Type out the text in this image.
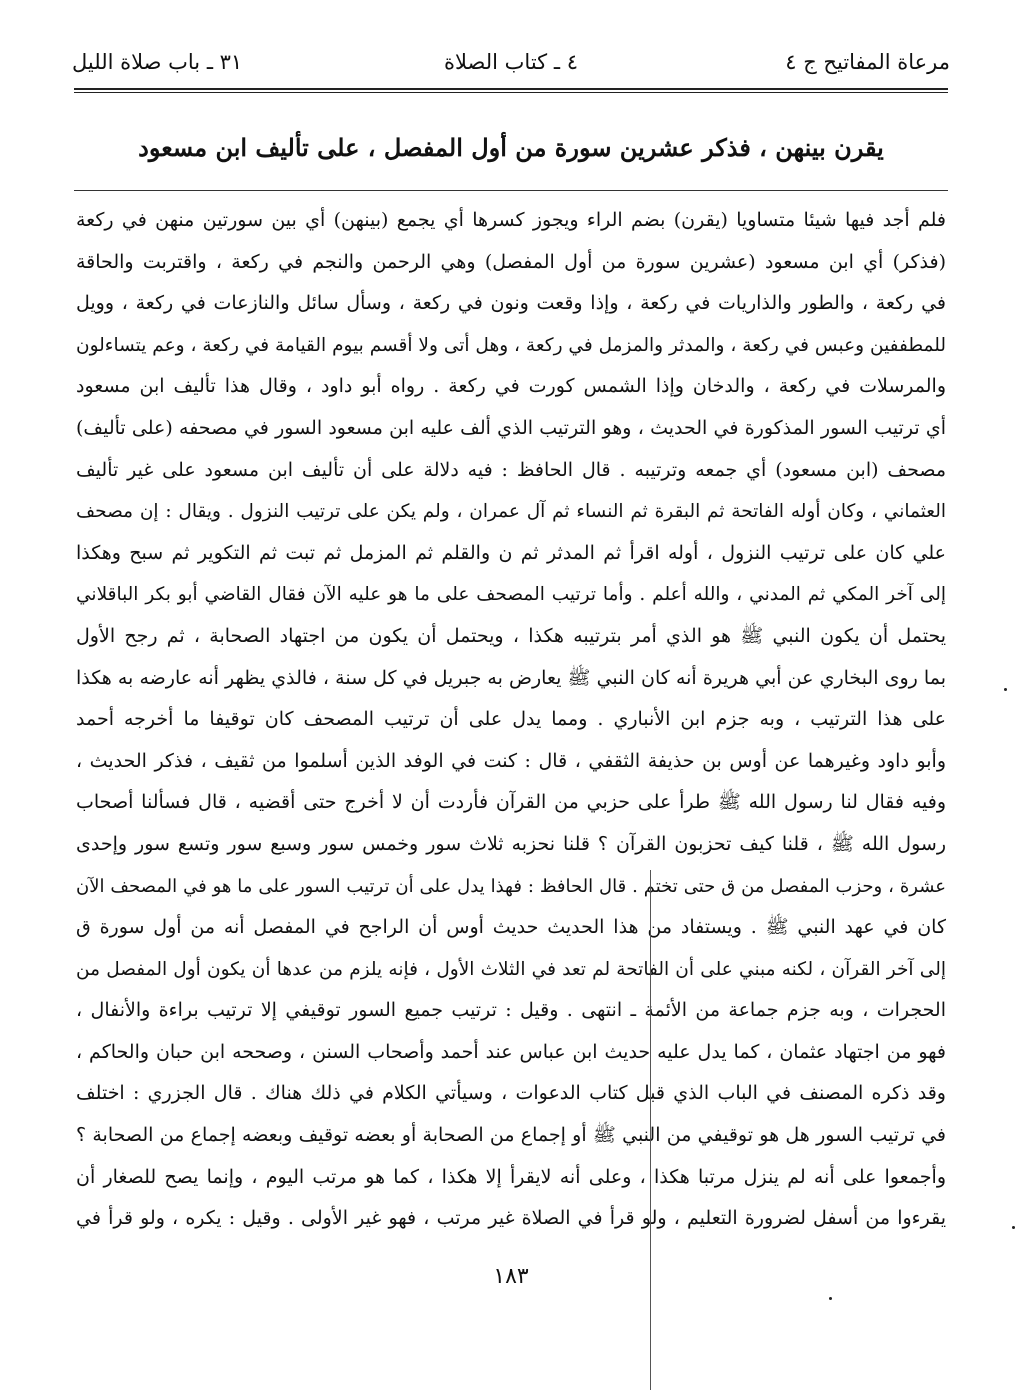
مرعاة المفاتيح ج ٤
٤ ـ كتاب الصلاة
٣١ ـ باب صلاة الليل
يقرن بينهن ، فذكر عشرين سورة من أول المفصل ، على تأليف ابن مسعود
فلم أجد فيها شيئا متساويا (يقرن) بضم الراء ويجوز كسرها أي يجمع (بينهن) أي بين سورتين منهن في ركعة
(فذكر) أي ابن مسعود (عشرين سورة من أول المفصل) وهي الرحمن والنجم في ركعة ، واقتربت والحاقة
في ركعة ، والطور والذاريات في ركعة ، وإذا وقعت ونون في ركعة ، وسأل سائل والنازعات في ركعة ، وويل
للمطففين وعبس في ركعة ، والمدثر والمزمل في ركعة ، وهل أتى ولا أقسم بيوم القيامة في ركعة ، وعم يتساءلون
والمرسلات في ركعة ، والدخان وإذا الشمس كورت في ركعة . رواه أبو داود ، وقال هذا تأليف ابن مسعود
أي ترتيب السور المذكورة في الحديث ، وهو الترتيب الذي ألف عليه ابن مسعود السور في مصحفه (على تأليف)
مصحف (ابن مسعود) أي جمعه وترتيبه . قال الحافظ : فيه دلالة على أن تأليف ابن مسعود على غير تأليف
العثماني ، وكان أوله الفاتحة ثم البقرة ثم النساء ثم آل عمران ، ولم يكن على ترتيب النزول . ويقال : إن مصحف
علي كان على ترتيب النزول ، أوله اقرأ ثم المدثر ثم ن والقلم ثم المزمل ثم تبت ثم التكوير ثم سبح وهكذا
إلى آخر المكي ثم المدني ، والله أعلم . وأما ترتيب المصحف على ما هو عليه الآن فقال القاضي أبو بكر الباقلاني
يحتمل أن يكون النبي ﷺ هو الذي أمر بترتيبه هكذا ، ويحتمل أن يكون من اجتهاد الصحابة ، ثم رجح الأول
بما روى البخاري عن أبي هريرة أنه كان النبي ﷺ يعارض به جبريل في كل سنة ، فالذي يظهر أنه عارضه به هكذا
على هذا الترتيب ، وبه جزم ابن الأنباري . ومما يدل على أن ترتيب المصحف كان توقيفا ما أخرجه أحمد
وأبو داود وغيرهما عن أوس بن حذيفة الثقفي ، قال : كنت في الوفد الذين أسلموا من ثقيف ، فذكر الحديث ،
وفيه فقال لنا رسول الله ﷺ طرأ على حزبي من القرآن فأردت أن لا أخرج حتى أقضيه ، قال فسألنا أصحاب
رسول الله ﷺ ، قلنا كيف تحزبون القرآن ؟ قلنا نحزبه ثلاث سور وخمس سور وسبع سور وتسع سور وإحدى
عشرة ، وحزب المفصل من ق حتى تختم . قال الحافظ : فهذا يدل على أن ترتيب السور على ما هو في المصحف الآن
كان في عهد النبي ﷺ . ويستفاد من هذا الحديث حديث أوس أن الراجح في المفصل أنه من أول سورة ق
إلى آخر القرآن ، لكنه مبني على أن الفاتحة لم تعد في الثلاث الأول ، فإنه يلزم من عدها أن يكون أول المفصل من
الحجرات ، وبه جزم جماعة من الأئمة ـ انتهى . وقيل : ترتيب جميع السور توقيفي إلا ترتيب براءة والأنفال ،
فهو من اجتهاد عثمان ، كما يدل عليه حديث ابن عباس عند أحمد وأصحاب السنن ، وصححه ابن حبان والحاكم ،
وقد ذكره المصنف في الباب الذي قبل كتاب الدعوات ، وسيأتي الكلام في ذلك هناك . قال الجزري : اختلف
في ترتيب السور هل هو توقيفي من النبي ﷺ أو إجماع من الصحابة أو بعضه توقيف وبعضه إجماع من الصحابة ؟
وأجمعوا على أنه لم ينزل مرتبا هكذا ، وعلى أنه لايقرأ إلا هكذا ، كما هو مرتب اليوم ، وإنما يصح للصغار أن
يقرءوا من أسفل لضرورة التعليم ، ولو قرأ في الصلاة غير مرتب ، فهو غير الأولى . وقيل : يكره ، ولو قرأ في
١٨٣
